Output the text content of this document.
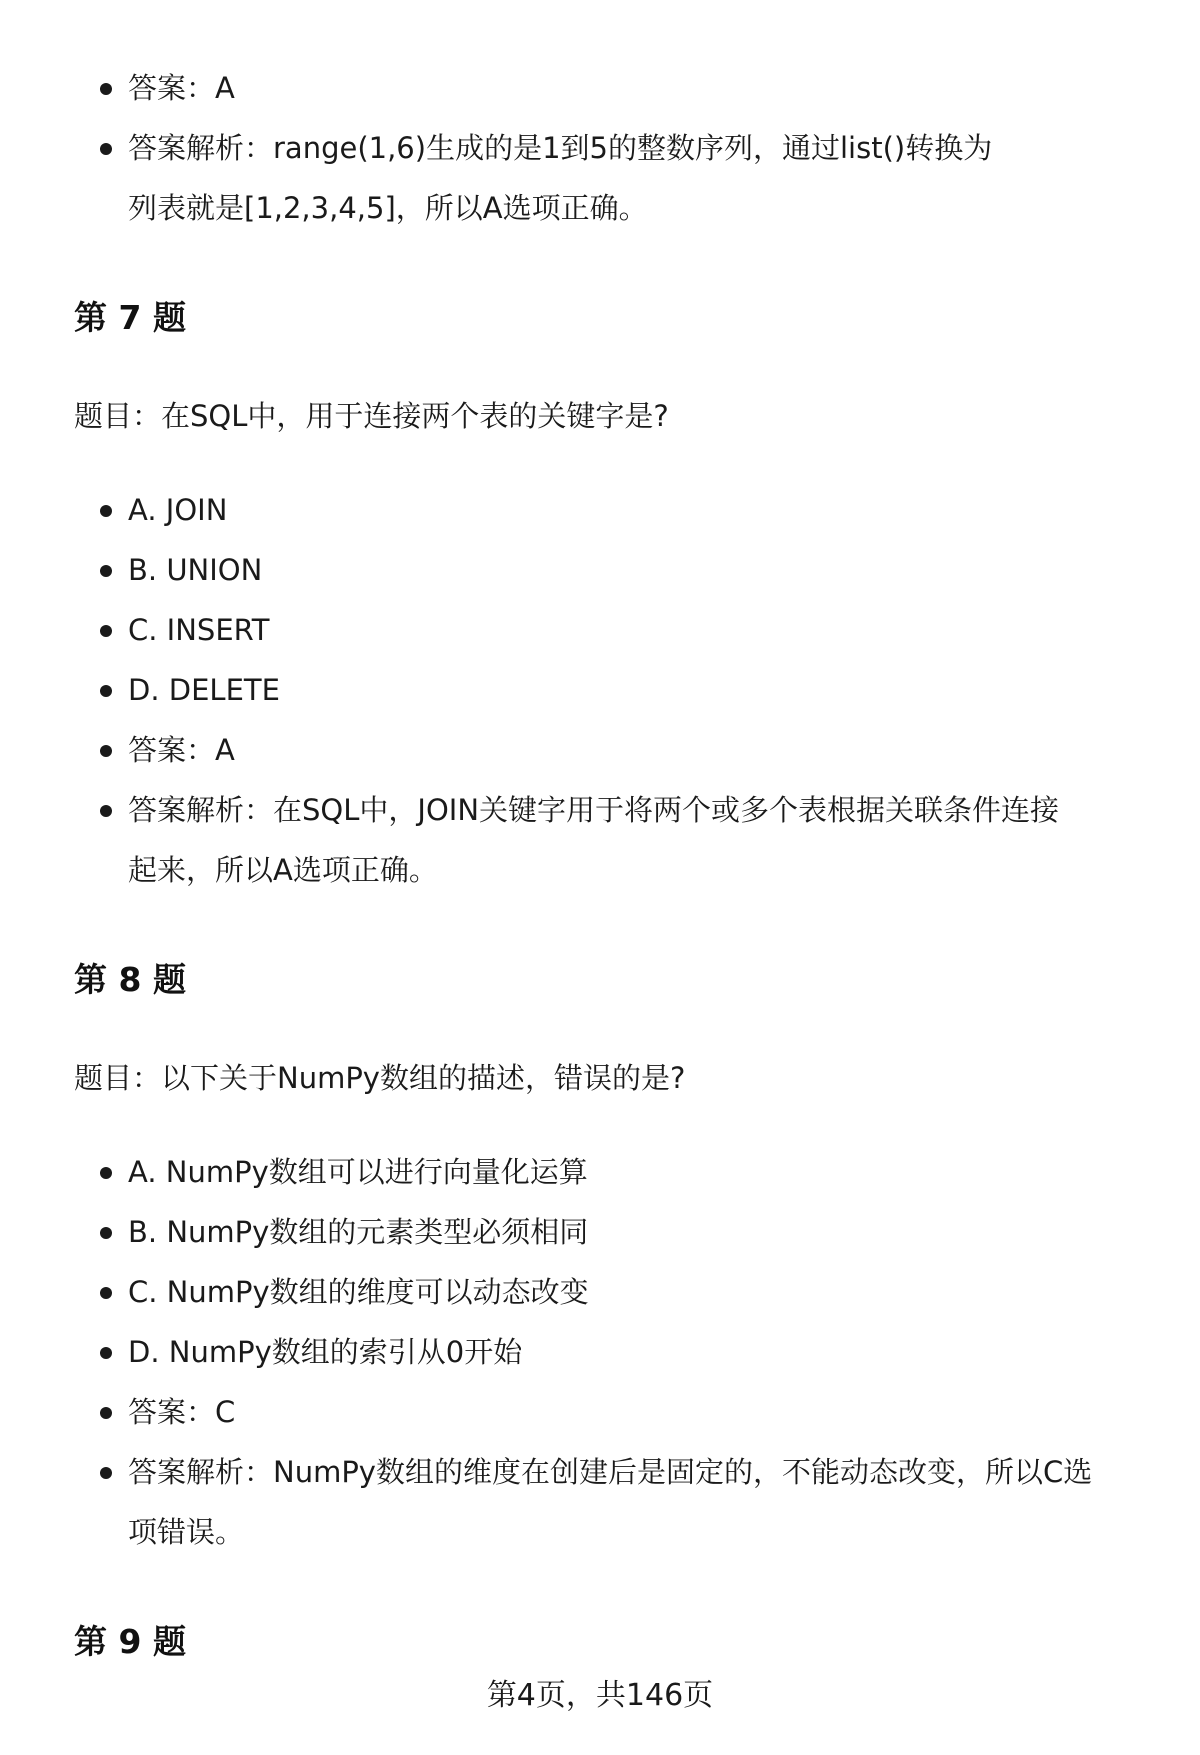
答案：A
答案解析：range(1,6)生成的是1到5的整数序列，通过list()转换为列表就是[1,2,3,4,5]，所以A选项正确。
第 7 题

题目：在SQL中，用于连接两个表的关键字是?

A. JOIN
B. UNION
C. INSERT
D. DELETE
答案：A
答案解析：在SQL中，JOIN关键字用于将两个或多个表根据关联条件连接起来，所以A选项正确。
第 8 题

题目：以下关于NumPy数组的描述，错误的是?

A. NumPy数组可以进行向量化运算
B. NumPy数组的元素类型必须相同
C. NumPy数组的维度可以动态改变
D. NumPy数组的索引从0开始
答案：C
答案解析：NumPy数组的维度在创建后是固定的，不能动态改变，所以C选项错误。
第 9 题
第4页，共146页
